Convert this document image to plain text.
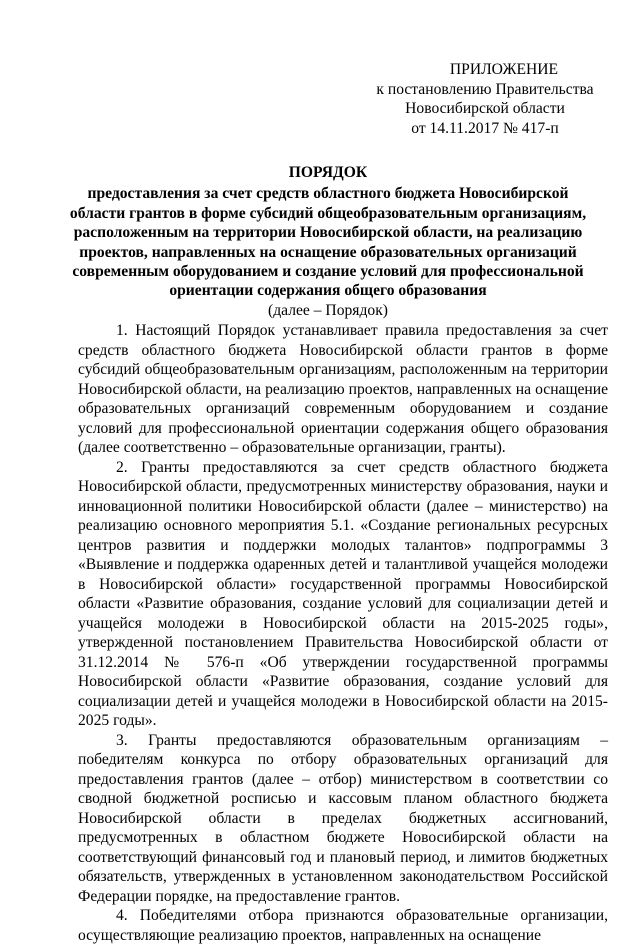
ПРИЛОЖЕНИЕ
к постановлению Правительства
Новосибирской области
от 14.11.2017 № 417-п
ПОРЯДОК
предоставления за счет средств областного бюджета Новосибирской области грантов в форме субсидий общеобразовательным организациям, расположенным на территории Новосибирской области, на реализацию проектов, направленных на оснащение образовательных организаций современным оборудованием и создание условий для профессиональной ориентации содержания общего образования
(далее – Порядок)

1. Настоящий Порядок устанавливает правила предоставления за счет средств областного бюджета Новосибирской области грантов в форме субсидий общеобразовательным организациям, расположенным на территории Новосибирской области, на реализацию проектов, направленных на оснащение образовательных организаций современным оборудованием и создание условий для профессиональной ориентации содержания общего образования (далее соответственно – образовательные организации, гранты).

2. Гранты предоставляются за счет средств областного бюджета Новосибирской области, предусмотренных министерству образования, науки и инновационной политики Новосибирской области (далее – министерство) на реализацию основного мероприятия 5.1. «Создание региональных ресурсных центров развития и поддержки молодых талантов» подпрограммы 3 «Выявление и поддержка одаренных детей и талантливой учащейся молодежи в Новосибирской области» государственной программы Новосибирской области «Развитие образования, создание условий для социализации детей и учащейся молодежи в Новосибирской области на 2015-2025 годы», утвержденной постановлением Правительства Новосибирской области от 31.12.2014 № 576-п «Об утверждении государственной программы Новосибирской области «Развитие образования, создание условий для социализации детей и учащейся молодежи в Новосибирской области на 2015-2025 годы».

3. Гранты предоставляются образовательным организациям – победителям конкурса по отбору образовательных организаций для предоставления грантов (далее – отбор) министерством в соответствии со сводной бюджетной росписью и кассовым планом областного бюджета Новосибирской области в пределах бюджетных ассигнований, предусмотренных в областном бюджете Новосибирской области на соответствующий финансовый год и плановый период, и лимитов бюджетных обязательств, утвержденных в установленном законодательством Российской Федерации порядке, на предоставление грантов.

4. Победителями отбора признаются образовательные организации, осуществляющие реализацию проектов, направленных на оснащение
